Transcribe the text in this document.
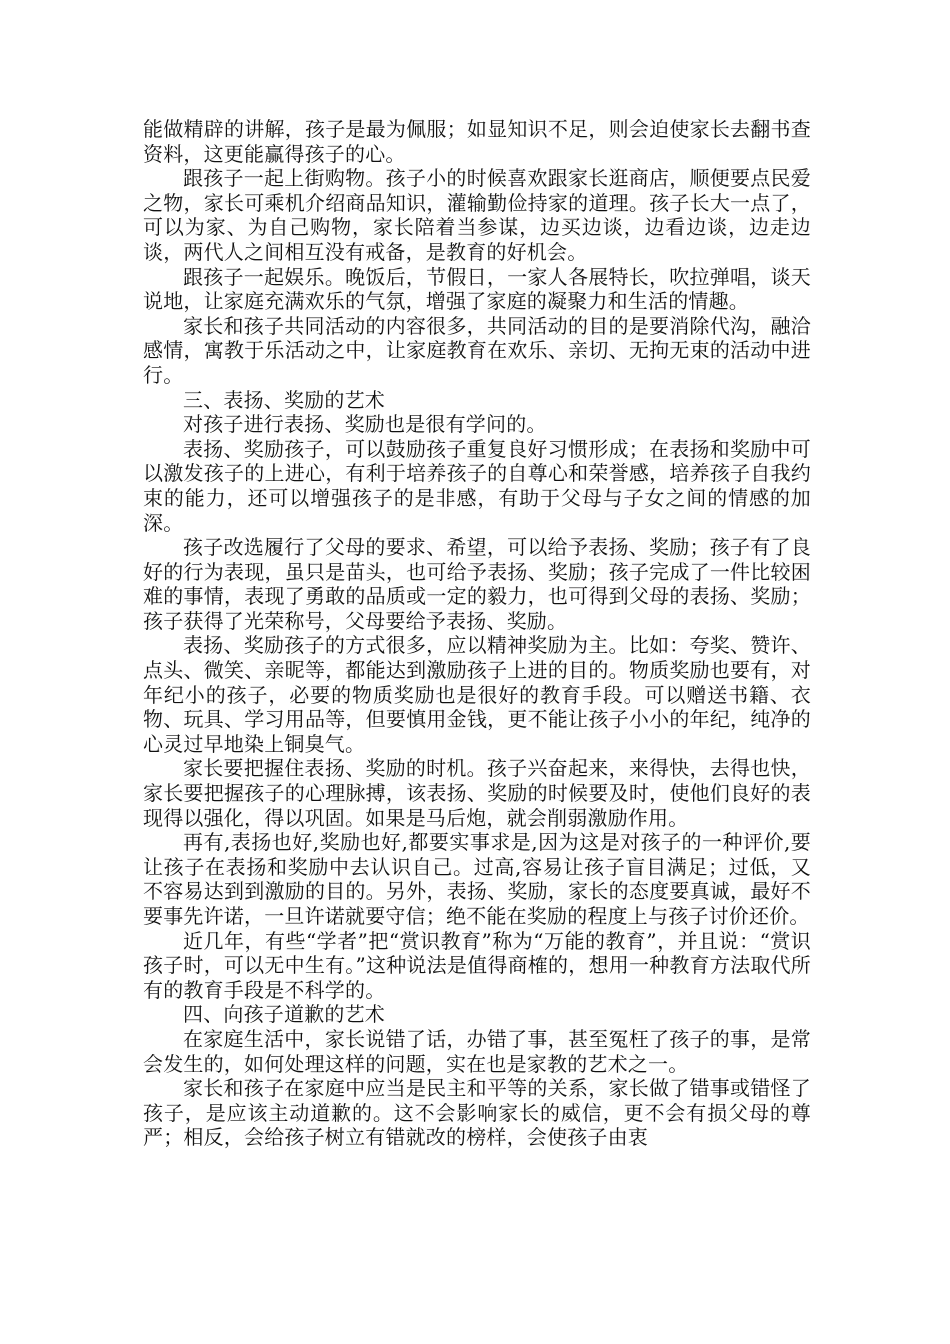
能做精辟的讲解，孩子是最为佩服；如显知识不足，则会迫使家长去翻书查资料，这更能赢得孩子的心。

跟孩子一起上街购物。孩子小的时候喜欢跟家长逛商店，顺便要点民爱之物，家长可乘机介绍商品知识，灌输勤俭持家的道理。孩子长大一点了，可以为家、为自己购物，家长陪着当参谋，边买边谈，边看边谈，边走边谈，两代人之间相互没有戒备，是教育的好机会。

跟孩子一起娱乐。晚饭后，节假日，一家人各展特长，吹拉弹唱，谈天说地，让家庭充满欢乐的气氛，增强了家庭的凝聚力和生活的情趣。

家长和孩子共同活动的内容很多，共同活动的目的是要消除代沟，融洽感情，寓教于乐活动之中，让家庭教育在欢乐、亲切、无拘无束的活动中进行。

三、表扬、奖励的艺术

对孩子进行表扬、奖励也是很有学问的。

表扬、奖励孩子，可以鼓励孩子重复良好习惯形成；在表扬和奖励中可以激发孩子的上进心，有利于培养孩子的自尊心和荣誉感，培养孩子自我约束的能力，还可以增强孩子的是非感，有助于父母与子女之间的情感的加深。

孩子改选履行了父母的要求、希望，可以给予表扬、奖励；孩子有了良好的行为表现，虽只是苗头，也可给予表扬、奖励；孩子完成了一件比较困难的事情，表现了勇敢的品质或一定的毅力，也可得到父母的表扬、奖励；孩子获得了光荣称号，父母要给予表扬、奖励。

表扬、奖励孩子的方式很多，应以精神奖励为主。比如：夸奖、赞许、点头、微笑、亲昵等，都能达到激励孩子上进的目的。物质奖励也要有，对年纪小的孩子，必要的物质奖励也是很好的教育手段。可以赠送书籍、衣物、玩具、学习用品等，但要慎用金钱，更不能让孩子小小的年纪，纯净的心灵过早地染上铜臭气。

家长要把握住表扬、奖励的时机。孩子兴奋起来，来得快，去得也快，家长要把握孩子的心理脉搏，该表扬、奖励的时候要及时，使他们良好的表现得以强化，得以巩固。如果是马后炮，就会削弱激励作用。

再有,表扬也好,奖励也好,都要实事求是,因为这是对孩子的一种评价,要让孩子在表扬和奖励中去认识自己。过高,容易让孩子盲目满足；过低，又不容易达到到激励的目的。另外，表扬、奖励，家长的态度要真诚，最好不要事先许诺，一旦许诺就要守信；绝不能在奖励的程度上与孩子讨价还价。

近几年，有些“学者”把“赏识教育”称为“万能的教育”，并且说：“赏识孩子时，可以无中生有。”这种说法是值得商榷的，想用一种教育方法取代所有的教育手段是不科学的。

四、向孩子道歉的艺术

在家庭生活中，家长说错了话，办错了事，甚至冤枉了孩子的事，是常会发生的，如何处理这样的问题，实在也是家教的艺术之一。

家长和孩子在家庭中应当是民主和平等的关系，家长做了错事或错怪了孩子，是应该主动道歉的。这不会影响家长的威信，更不会有损父母的尊严；相反，会给孩子树立有错就改的榜样，会使孩子由衷
